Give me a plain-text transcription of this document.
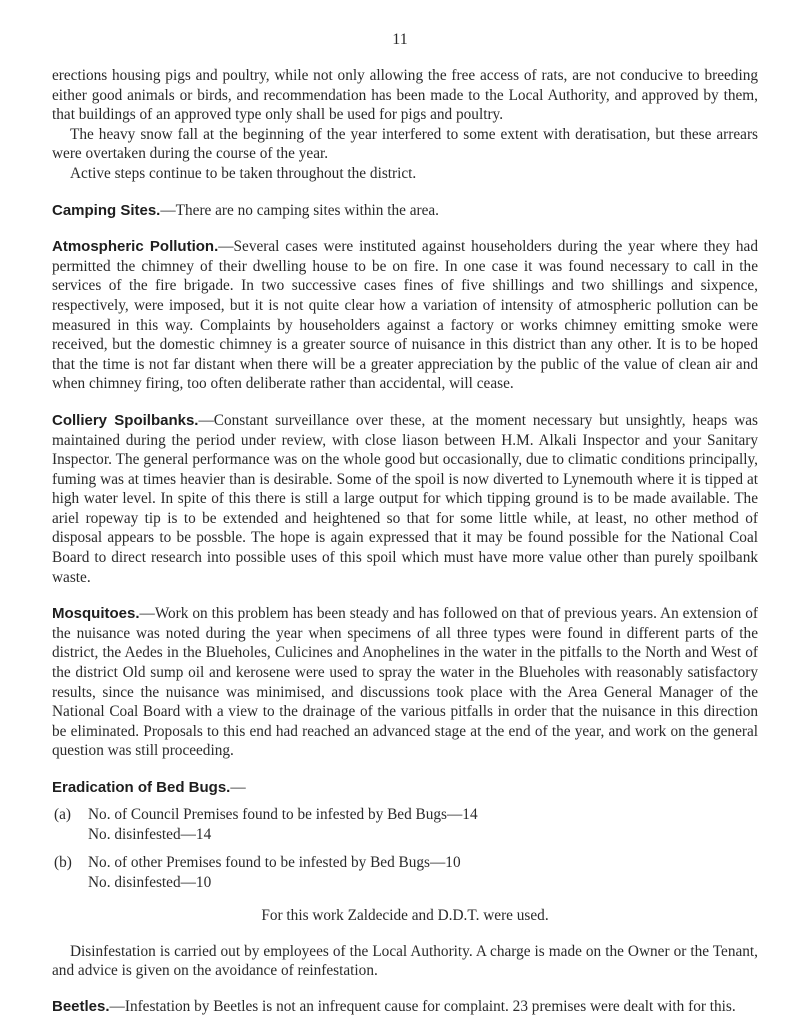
11

erections housing pigs and poultry, while not only allowing the free access of rats, are not conducive to breeding either good animals or birds, and recommendation has been made to the Local Authority, and approved by them, that buildings of an approved type only shall be used for pigs and poultry.

The heavy snow fall at the beginning of the year interfered to some extent with deratisation, but these arrears were overtaken during the course of the year.

Active steps continue to be taken throughout the district.

Camping Sites.—There are no camping sites within the area.

Atmospheric Pollution.—Several cases were instituted against householders during the year where they had permitted the chimney of their dwelling house to be on fire. In one case it was found necessary to call in the services of the fire brigade. In two successive cases fines of five shillings and two shillings and sixpence, respectively, were imposed, but it is not quite clear how a variation of intensity of atmospheric pollution can be measured in this way. Complaints by householders against a factory or works chimney emitting smoke were received, but the domestic chimney is a greater source of nuisance in this district than any other. It is to be hoped that the time is not far distant when there will be a greater appreciation by the public of the value of clean air and when chimney firing, too often deliberate rather than accidental, will cease.

Colliery Spoilbanks.—Constant surveillance over these, at the moment necessary but unsightly, heaps was maintained during the period under review, with close liason between H.M. Alkali Inspector and your Sanitary Inspector. The general performance was on the whole good but occasionally, due to climatic conditions principally, fuming was at times heavier than is desirable. Some of the spoil is now diverted to Lynemouth where it is tipped at high water level. In spite of this there is still a large output for which tipping ground is to be made available. The ariel ropeway tip is to be extended and heightened so that for some little while, at least, no other method of disposal appears to be possble. The hope is again expressed that it may be found possible for the National Coal Board to direct research into possible uses of this spoil which must have more value other than purely spoilbank waste.

Mosquitoes.—Work on this problem has been steady and has followed on that of previous years. An extension of the nuisance was noted during the year when specimens of all three types were found in different parts of the district, the Aedes in the Blueholes, Culicines and Anophelines in the water in the pitfalls to the North and West of the district Old sump oil and kerosene were used to spray the water in the Blueholes with reasonably satisfactory results, since the nuisance was minimised, and discussions took place with the Area General Manager of the National Coal Board with a view to the drainage of the various pitfalls in order that the nuisance in this direction be eliminated. Proposals to this end had reached an advanced stage at the end of the year, and work on the general question was still proceeding.

Eradication of Bed Bugs.—

(a)	No. of Council Premises found to be infested by Bed Bugs—14
No. disinfested—14
(b)	No. of other Premises found to be infested by Bed Bugs—10
No. disinfested—10

For this work Zaldecide and D.D.T. were used.

Disinfestation is carried out by employees of the Local Authority. A charge is made on the Owner or the Tenant, and advice is given on the avoidance of reinfestation.

Beetles.—Infestation by Beetles is not an infrequent cause for complaint. 23 premises were dealt with for this.
